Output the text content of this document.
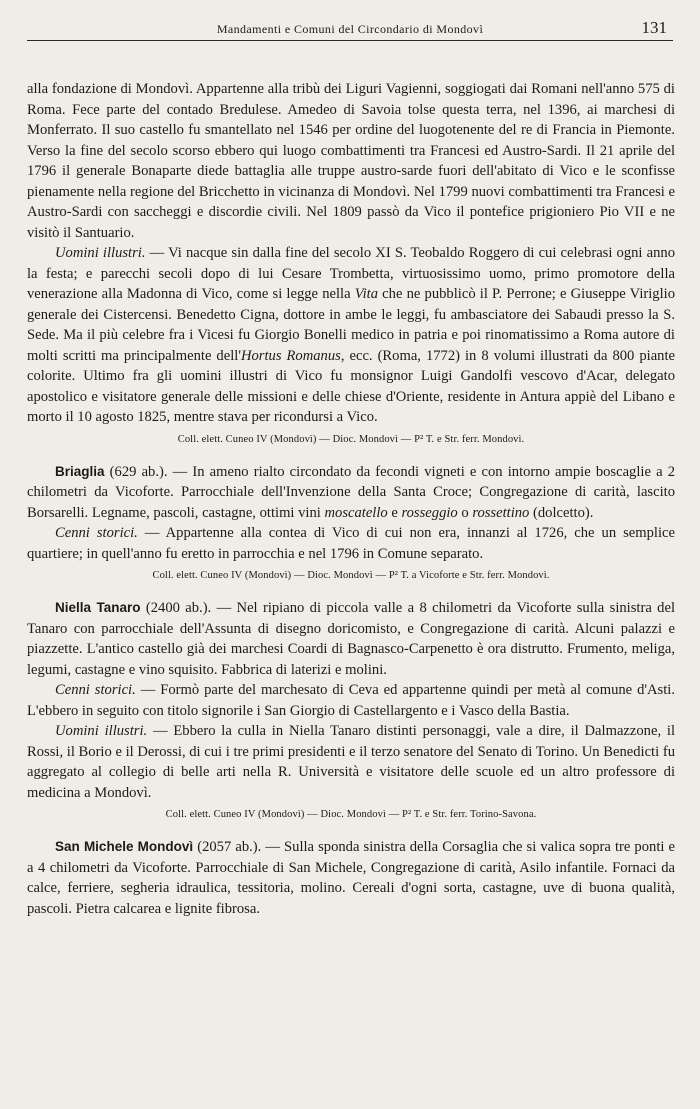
Mandamenti e Comuni del Circondario di Mondovì	131

alla fondazione di Mondovì. Appartenne alla tribù dei Liguri Vagienni, soggiogati dai Romani nell'anno 575 di Roma. Fece parte del contado Bredulese. Amedeo di Savoia tolse questa terra, nel 1396, ai marchesi di Monferrato. Il suo castello fu smantellato nel 1546 per ordine del luogotenente del re di Francia in Piemonte. Verso la fine del secolo scorso ebbero qui luogo combattimenti tra Francesi ed Austro-Sardi. Il 21 aprile del 1796 il generale Bonaparte diede battaglia alle truppe austro-sarde fuori dell'abitato di Vico e le sconfisse pienamente nella regione del Bricchetto in vicinanza di Mondovì. Nel 1799 nuovi combattimenti tra Francesi e Austro-Sardi con saccheggi e discordie civili. Nel 1809 passò da Vico il pontefice prigioniero Pio VII e ne visitò il Santuario.

Uomini illustri. — Vi nacque sin dalla fine del secolo XI S. Teobaldo Roggero di cui celebrasi ogni anno la festa; e parecchi secoli dopo di lui Cesare Trombetta, virtuosissimo uomo, primo promotore della venerazione alla Madonna di Vico, come si legge nella Vita che ne pubblicò il P. Perrone; e Giuseppe Viriglio generale dei Cistercensi. Benedetto Cigna, dottore in ambe le leggi, fu ambasciatore dei Sabaudi presso la S. Sede. Ma il più celebre fra i Vicesi fu Giorgio Bonelli medico in patria e poi rinomatissimo a Roma autore di molti scritti ma principalmente dell'Hortus Romanus, ecc. (Roma, 1772) in 8 volumi illustrati da 800 piante colorite. Ultimo fra gli uomini illustri di Vico fu monsignor Luigi Gandolfi vescovo d'Acar, delegato apostolico e visitatore generale delle missioni e delle chiese d'Oriente, residente in Antura appiè del Libano e morto il 10 agosto 1825, mentre stava per ricondursi a Vico.

Coll. elett. Cuneo IV (Mondovì) — Dioc. Mondovì — P² T. e Str. ferr. Mondovì.

Briaglia (629 ab.). — In ameno rialto circondato da fecondi vigneti e con intorno ampie boscaglie a 2 chilometri da Vicoforte. Parrocchiale dell'Invenzione della Santa Croce; Congregazione di carità, lascito Borsarelli. Legname, pascoli, castagne, ottimi vini moscatello e rosseggio o rossettino (dolcetto).

Cenni storici. — Appartenne alla contea di Vico di cui non era, innanzi al 1726, che un semplice quartiere; in quell'anno fu eretto in parrocchia e nel 1796 in Comune separato.

Coll. elett. Cuneo IV (Mondovì) — Dioc. Mondovì — P² T. a Vicoforte e Str. ferr. Mondovì.

Niella Tanaro (2400 ab.). — Nel ripiano di piccola valle a 8 chilometri da Vicoforte sulla sinistra del Tanaro con parrocchiale dell'Assunta di disegno doricomisto, e Congregazione di carità. Alcuni palazzi e piazzette. L'antico castello già dei marchesi Coardi di Bagnasco-Carpenetto è ora distrutto. Frumento, meliga, legumi, castagne e vino squisito. Fabbrica di laterizi e molini.

Cenni storici. — Formò parte del marchesato di Ceva ed appartenne quindi per metà al comune d'Asti. L'ebbero in seguito con titolo signorile i San Giorgio di Castellargento e i Vasco della Bastia.

Uomini illustri. — Ebbero la culla in Niella Tanaro distinti personaggi, vale a dire, il Dalmazzone, il Rossi, il Borio e il Derossi, di cui i tre primi presidenti e il terzo senatore del Senato di Torino. Un Benedicti fu aggregato al collegio di belle arti nella R. Università e visitatore delle scuole ed un altro professore di medicina a Mondovì.

Coll. elett. Cuneo IV (Mondovì) — Dioc. Mondovì — P² T. e Str. ferr. Torino-Savona.

San Michele Mondovì (2057 ab.). — Sulla sponda sinistra della Corsaglia che si valica sopra tre ponti e a 4 chilometri da Vicoforte. Parrocchiale di San Michele, Congregazione di carità, Asilo infantile. Fornaci da calce, ferriere, segheria idraulica, tessitoria, molino. Cereali d'ogni sorta, castagne, uve di buona qualità, pascoli. Pietra calcarea e lignite fibrosa.
